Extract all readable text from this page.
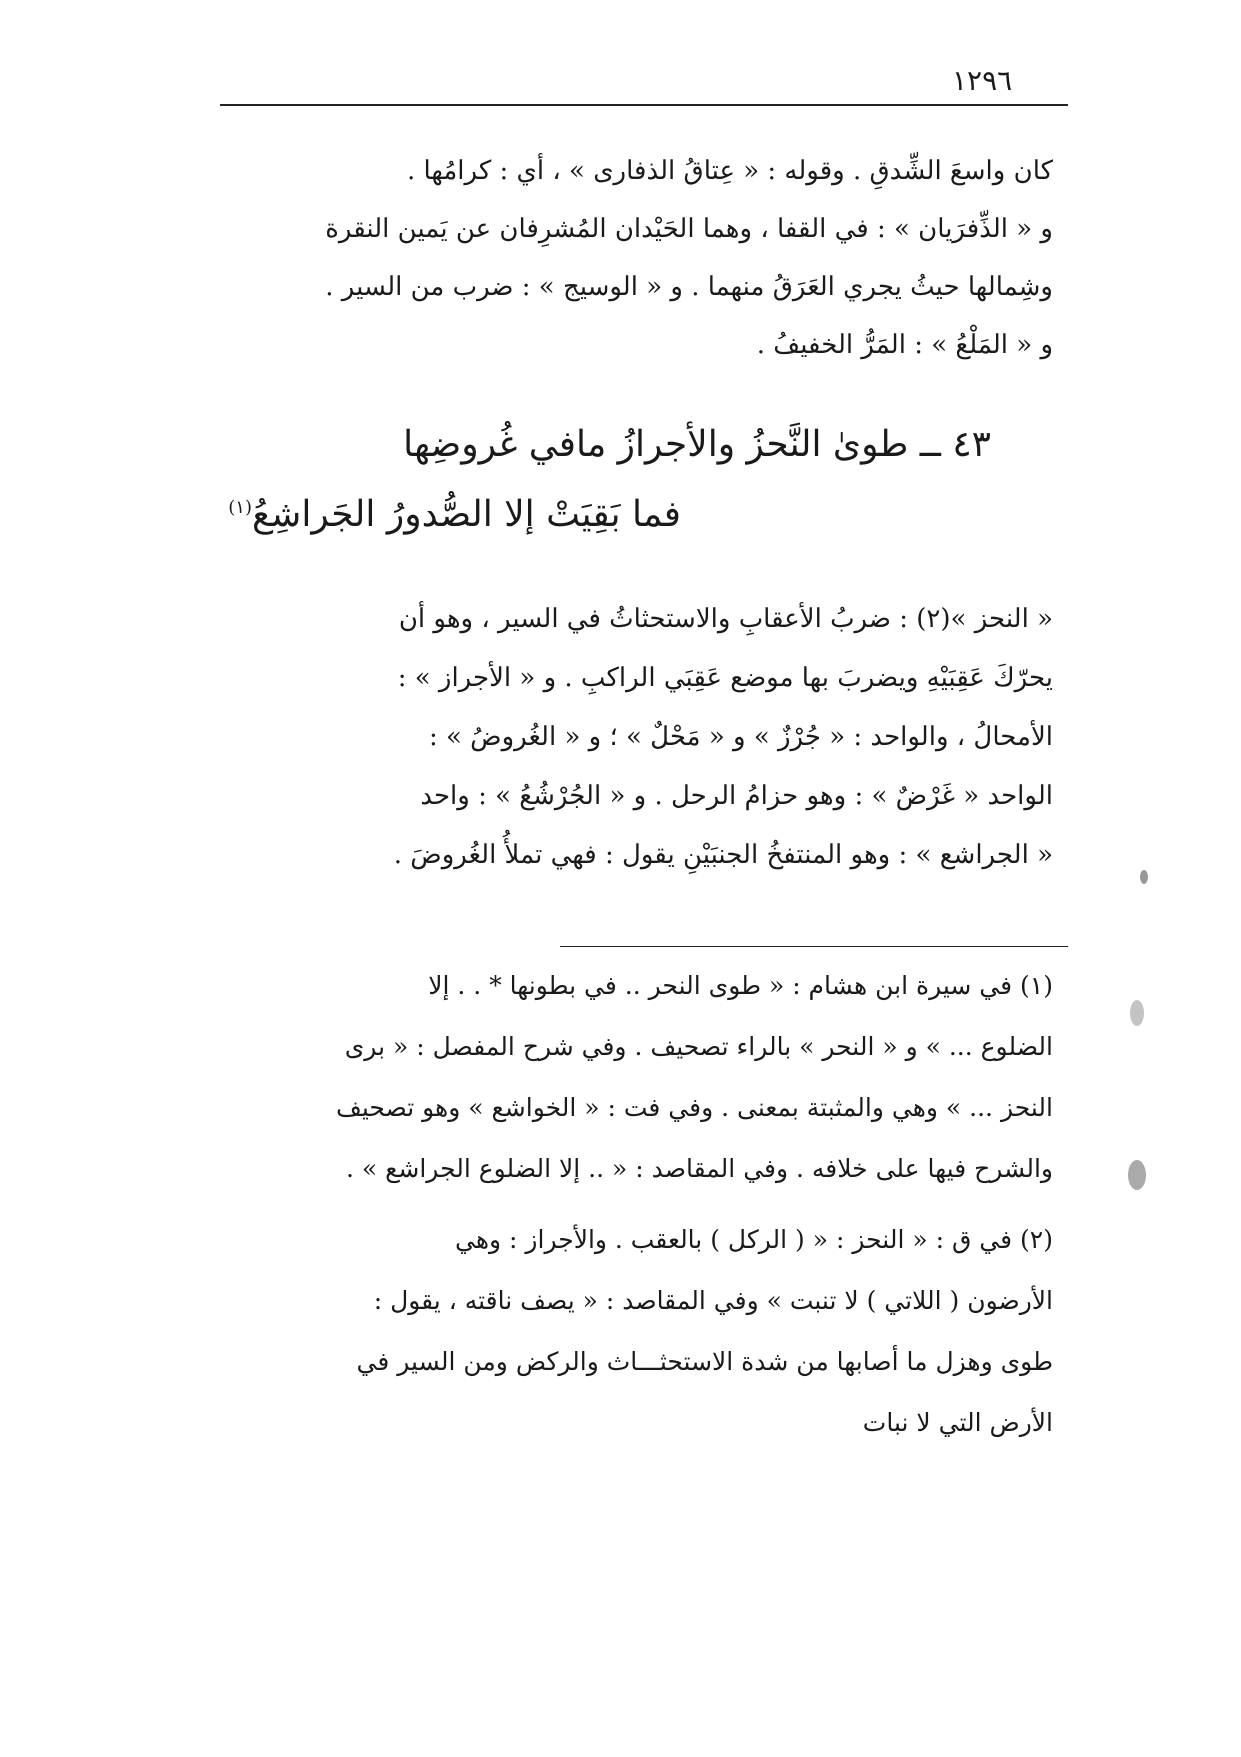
١٢٩٦
كان واسعَ الشِّدقِ . وقوله : « عِتاقُ الذفارى » ، أي : كرامُها .
و « الذِّفرَيان » : في القفا ، وهما الحَيْدان المُشرِفان عن يَمين النقرة
وشِمالها حيثُ يجري العَرَقُ منهما . و « الوسيج » : ضرب من السير .
و « المَلْعُ » : المَرُّ الخفيفُ .
٤٣ ــ طوىٰ النَّحزُ والأجرازُ مافي غُروضِها
فما بَقِيَتْ إلا الصُّدورُ الجَراشِعُ$^{(١)}$
« النحز »(٢) : ضربُ الأعقابِ والاستحثاثُ في السير ، وهو أن
يحرّكَ عَقِبَيْهِ ويضربَ بها موضع عَقِبَي الراكبِ . و « الأجراز » :
الأمحالُ ، والواحد : « جُرْزٌ » و « مَحْلٌ » ؛ و « الغُروضُ » :
الواحد « غَرْضٌ » : وهو حزامُ الرحل . و « الجُرْشُعُ » : واحد
« الجراشع » : وهو المنتفخُ الجنبَيْنِ يقول : فهي تملأُ الغُروضَ .
(١) في سيرة ابن هشام : « طوى النحر .. في بطونها * . . إلا
الضلوع ... » و « النحر » بالراء تصحيف . وفي شرح المفصل : « برى
النحز ... » وهي والمثبتة بمعنى . وفي فت : « الخواشع » وهو تصحيف
والشرح فيها على خلافه . وفي المقاصد : « .. إلا الضلوع الجراشع » .
(٢) في ق : « النحز : « ( الركل ) بالعقب . والأجراز : وهي
الأرضون ( اللاتي ) لا تنبت » وفي المقاصد : « يصف ناقته ، يقول :
طوى وهزل ما أصابها من شدة الاستحثـــاث والركض ومن السير في
الأرض التي لا نبات
